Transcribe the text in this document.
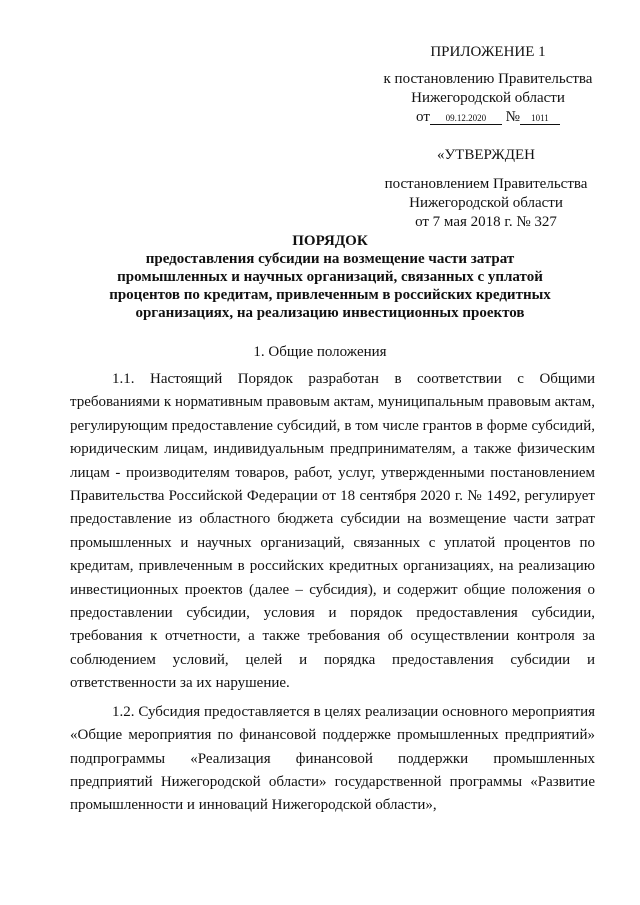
ПРИЛОЖЕНИЕ 1
к постановлению Правительства
Нижегородской области
от 09.12.2020 № 1011
«УТВЕРЖДЕН
постановлением Правительства
Нижегородской области
от 7 мая 2018 г. № 327
ПОРЯДОК
предоставления субсидии на возмещение части затрат
промышленных и научных организаций, связанных с уплатой
процентов по кредитам, привлеченным в российских кредитных
организациях, на реализацию инвестиционных проектов
1. Общие положения

1.1. Настоящий Порядок разработан в соответствии с Общими требованиями к нормативным правовым актам, муниципальным правовым актам, регулирующим предоставление субсидий, в том числе грантов в форме субсидий, юридическим лицам, индивидуальным предпринимателям, а также физическим лицам - производителям товаров, работ, услуг, утвержденными постановлением Правительства Российской Федерации от 18 сентября 2020 г. № 1492, регулирует предоставление из областного бюджета субсидии на возмещение части затрат промышленных и научных организаций, связанных с уплатой процентов по кредитам, привлеченным в российских кредитных организациях, на реализацию инвестиционных проектов (далее – субсидия), и содержит общие положения о предоставлении субсидии, условия и порядок предоставления субсидии, требования к отчетности, а также требования об осуществлении контроля за соблюдением условий, целей и порядка предоставления субсидии и ответственности за их нарушение.

1.2. Субсидия предоставляется в целях реализации основного мероприятия «Общие мероприятия по финансовой поддержке промышленных предприятий» подпрограммы «Реализация финансовой поддержки промышленных предприятий Нижегородской области» государственной программы «Развитие промышленности и инноваций Нижегородской области»,
